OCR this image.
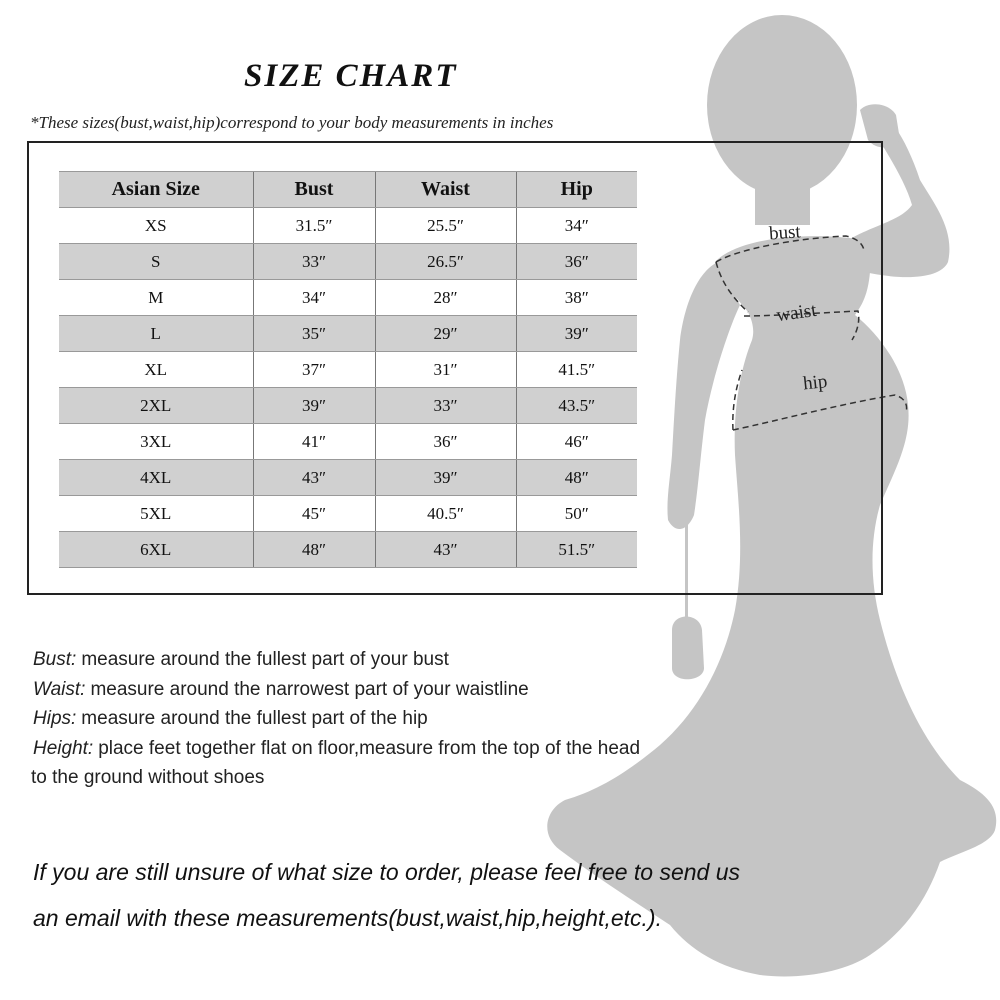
bust
waist
hip
SIZE CHART
*These sizes(bust,waist,hip)correspond to your body measurements in inches
Asian Size	Bust	Waist	Hip
XS	31.5″	25.5″	34″
S	33″	26.5″	36″
M	34″	28″	38″
L	35″	29″	39″
XL	37″	31″	41.5″
2XL	39″	33″	43.5″
3XL	41″	36″	46″
4XL	43″	39″	48″
5XL	45″	40.5″	50″
6XL	48″	43″	51.5″
Bust: measure around the fullest part of your bust
Waist: measure around the narrowest part of your waistline
Hips: measure around the fullest part of the hip
Height: place feet together flat on floor,measure from the top of the head
to the ground without shoes
If you are still unsure of what size to order, please feel free to send us
an email with these measurements(bust,waist,hip,height,etc.).
